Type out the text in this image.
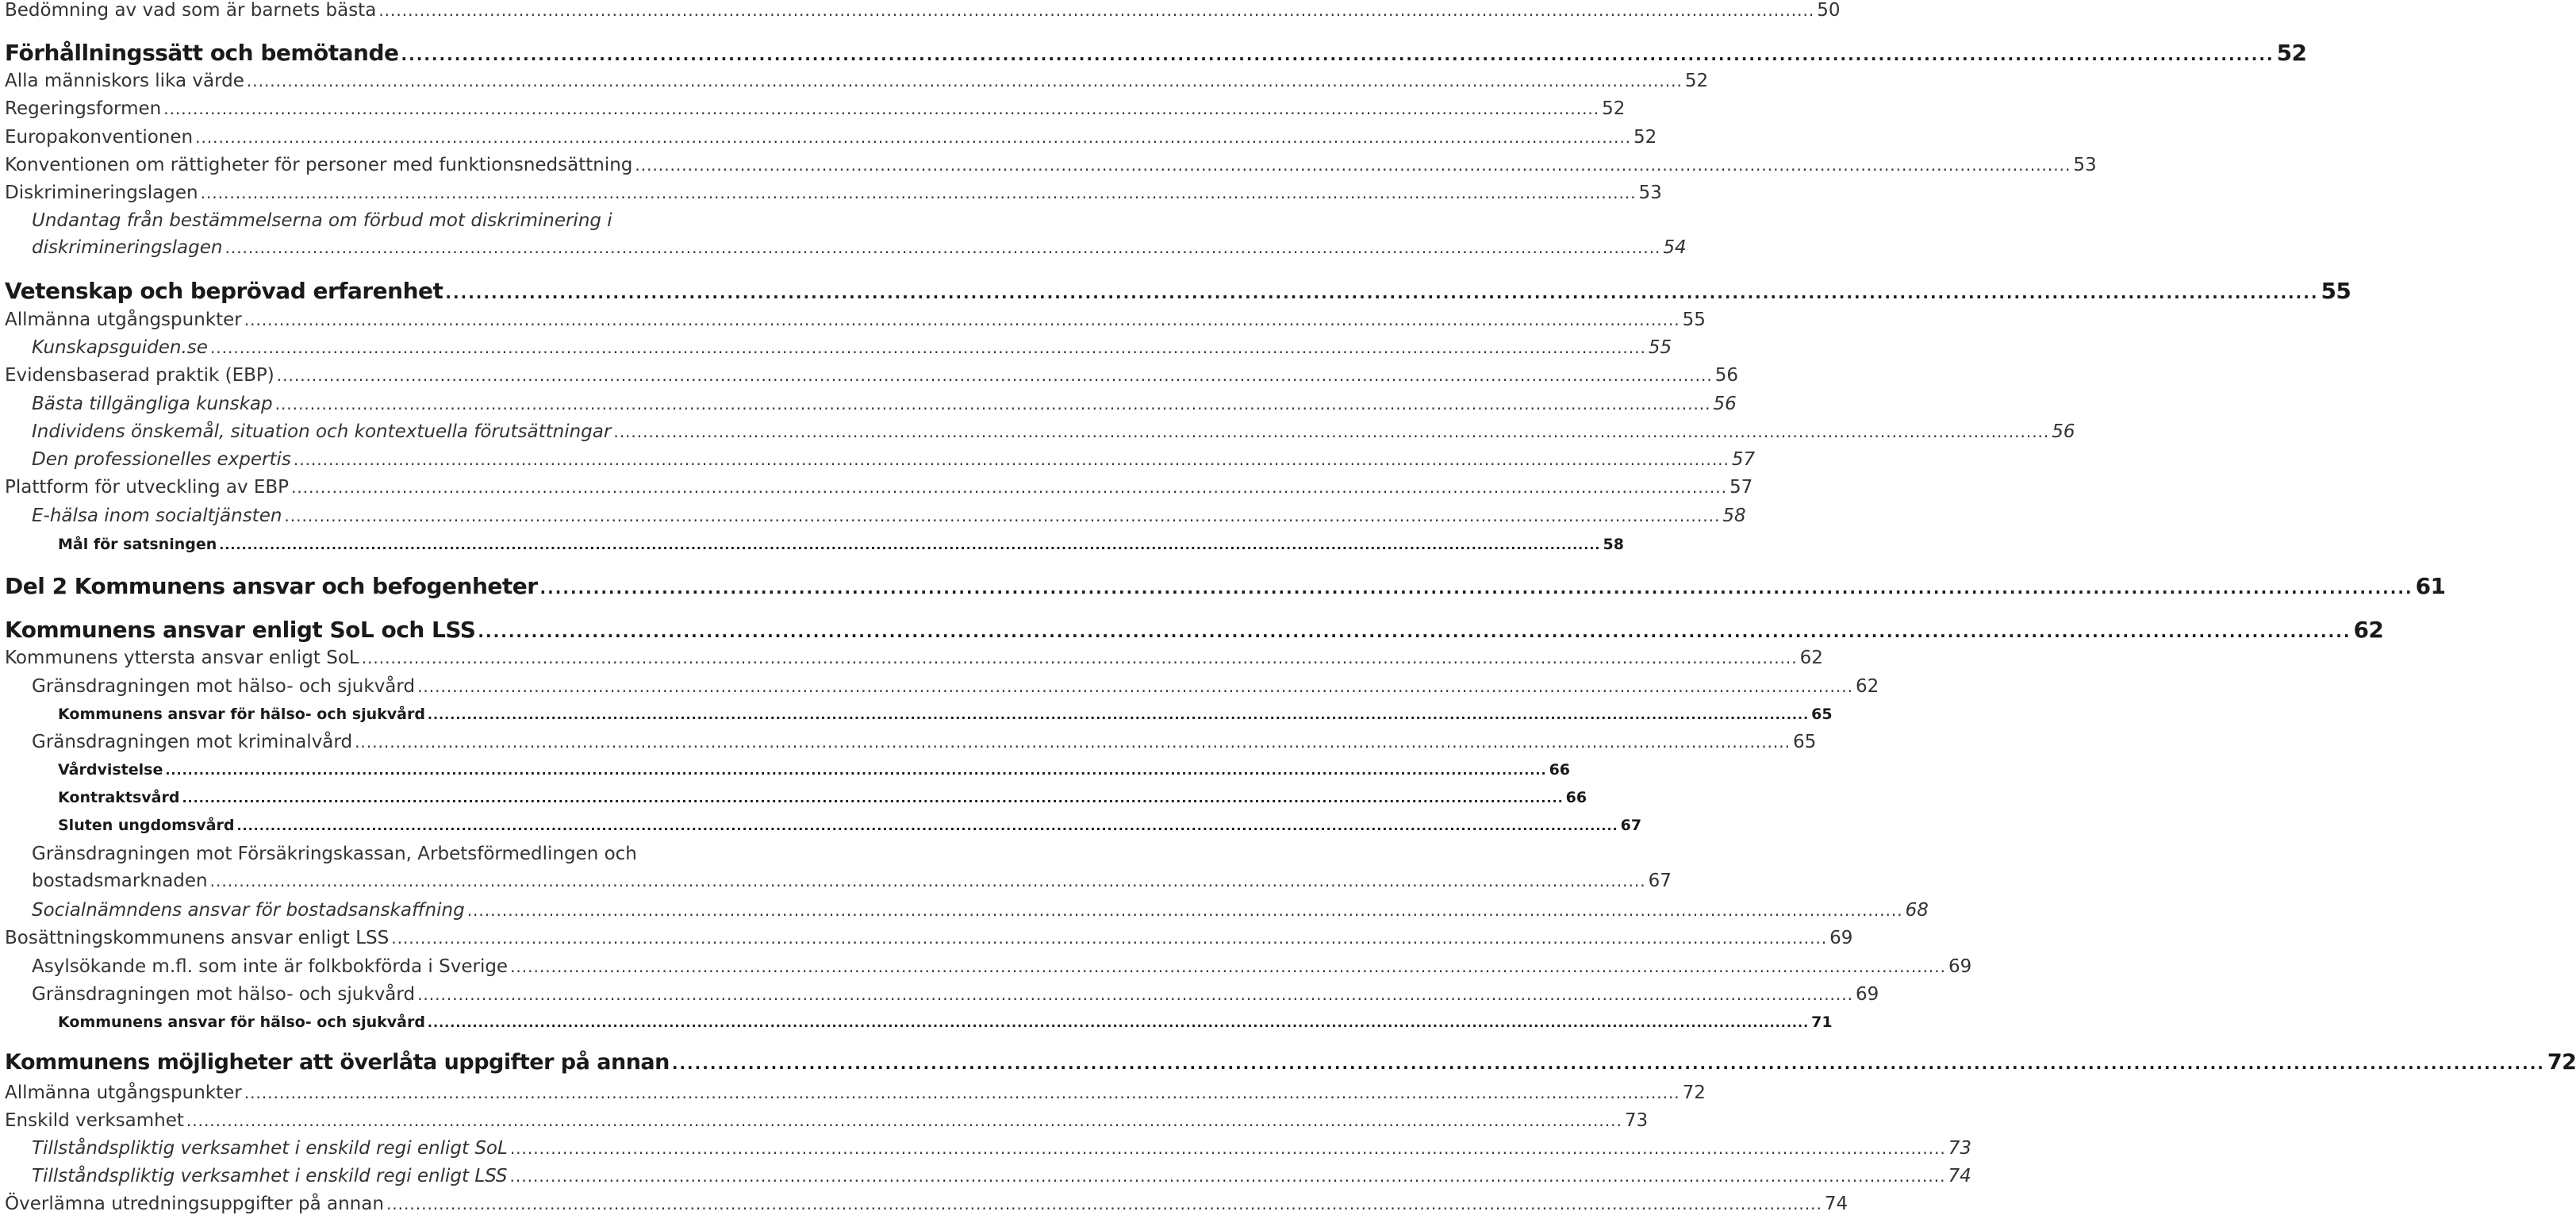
Bedömning av vad som är barnets bästa ...................................................................................................................................................................................................................................................... 50
Förhållningssätt och bemötande ...................................................................................................................................................................................................................................................... 52
Alla människors lika värde ...................................................................................................................................................................................................................................................... 52
Regeringsformen ...................................................................................................................................................................................................................................................... 52
Europakonventionen ...................................................................................................................................................................................................................................................... 52
Konventionen om rättigheter för personer med funktionsnedsättning ...................................................................................................................................................................................................................................................... 53
Diskrimineringslagen ...................................................................................................................................................................................................................................................... 53
Undantag från bestämmelserna om förbud mot diskriminering i
diskrimineringslagen ...................................................................................................................................................................................................................................................... 54
Vetenskap och beprövad erfarenhet ...................................................................................................................................................................................................................................................... 55
Allmänna utgångspunkter ...................................................................................................................................................................................................................................................... 55
Kunskapsguiden.se ...................................................................................................................................................................................................................................................... 55
Evidensbaserad praktik (EBP) ...................................................................................................................................................................................................................................................... 56
Bästa tillgängliga kunskap ...................................................................................................................................................................................................................................................... 56
Individens önskemål, situation och kontextuella förutsättningar ...................................................................................................................................................................................................................................................... 56
Den professionelles expertis ...................................................................................................................................................................................................................................................... 57
Plattform för utveckling av EBP ...................................................................................................................................................................................................................................................... 57
E-hälsa inom socialtjänsten ...................................................................................................................................................................................................................................................... 58
Mål för satsningen ...................................................................................................................................................................................................................................................... 58
Del 2 Kommunens ansvar och befogenheter ...................................................................................................................................................................................................................................................... 61
Kommunens ansvar enligt SoL och LSS ...................................................................................................................................................................................................................................................... 62
Kommunens yttersta ansvar enligt SoL ...................................................................................................................................................................................................................................................... 62
Gränsdragningen mot hälso- och sjukvård ...................................................................................................................................................................................................................................................... 62
Kommunens ansvar för hälso- och sjukvård ...................................................................................................................................................................................................................................................... 65
Gränsdragningen mot kriminalvård ...................................................................................................................................................................................................................................................... 65
Vårdvistelse ...................................................................................................................................................................................................................................................... 66
Kontraktsvård ...................................................................................................................................................................................................................................................... 66
Sluten ungdomsvård ...................................................................................................................................................................................................................................................... 67
Gränsdragningen mot Försäkringskassan, Arbetsförmedlingen och
bostadsmarknaden ...................................................................................................................................................................................................................................................... 67
Socialnämndens ansvar för bostadsanskaffning ...................................................................................................................................................................................................................................................... 68
Bosättningskommunens ansvar enligt LSS ...................................................................................................................................................................................................................................................... 69
Asylsökande m.fl. som inte är folkbokförda i Sverige ...................................................................................................................................................................................................................................................... 69
Gränsdragningen mot hälso- och sjukvård ...................................................................................................................................................................................................................................................... 69
Kommunens ansvar för hälso- och sjukvård ...................................................................................................................................................................................................................................................... 71
Kommunens möjligheter att överlåta uppgifter på annan ...................................................................................................................................................................................................................................................... 72
Allmänna utgångspunkter ...................................................................................................................................................................................................................................................... 72
Enskild verksamhet ...................................................................................................................................................................................................................................................... 73
Tillståndspliktig verksamhet i enskild regi enligt SoL ...................................................................................................................................................................................................................................................... 73
Tillståndspliktig verksamhet i enskild regi enligt LSS ...................................................................................................................................................................................................................................................... 74
Överlämna utredningsuppgifter på annan ...................................................................................................................................................................................................................................................... 74
